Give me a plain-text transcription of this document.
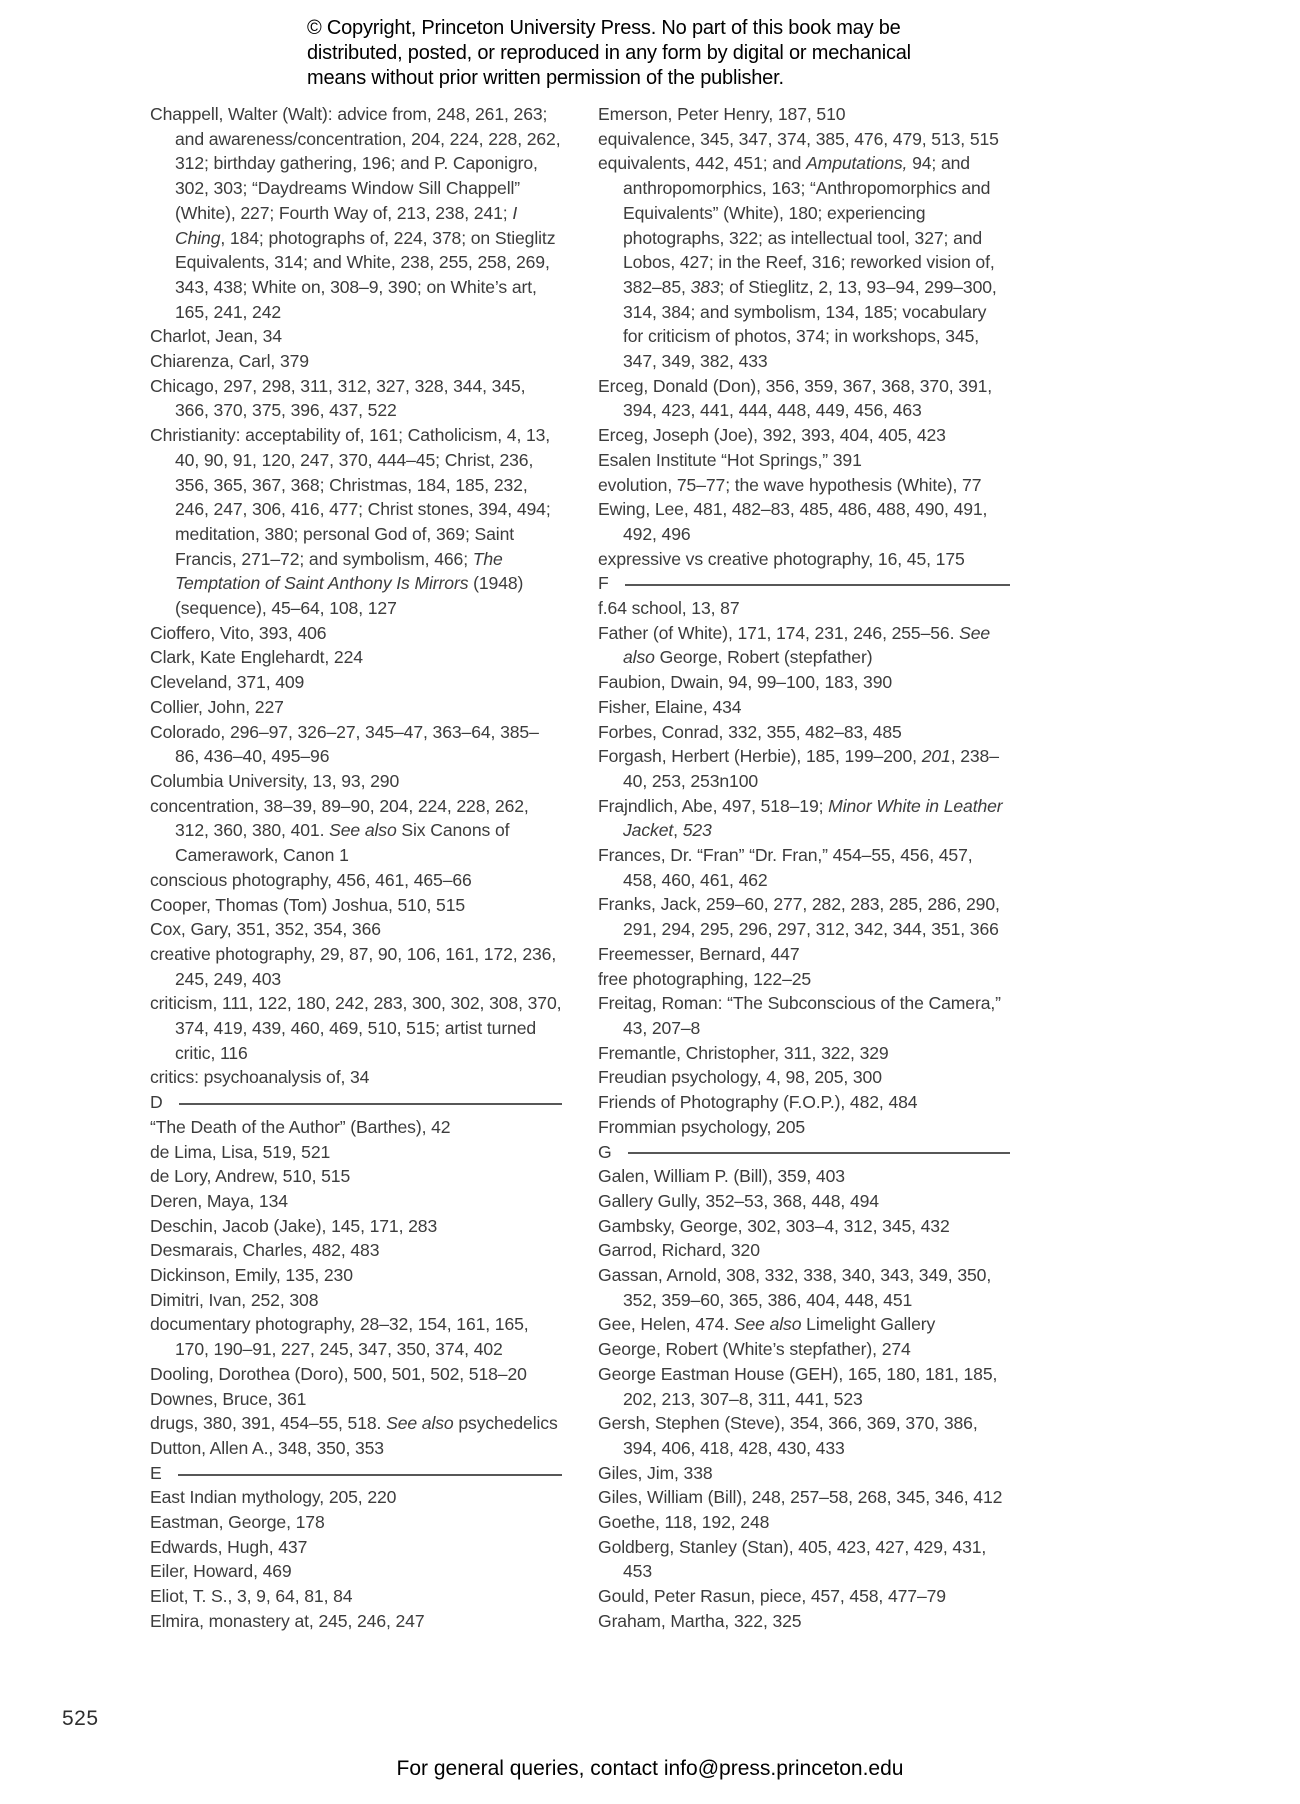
© Copyright, Princeton University Press. No part of this book may be
distributed, posted, or reproduced in any form by digital or mechanical
means without prior written permission of the publisher.
Chappell, Walter (Walt): advice from, 248, 261, 263; and awareness/concentration, 204, 224, 228, 262, 312; birthday gathering, 196; and P. Caponigro, 302, 303; “Daydreams Window Sill Chappell” (White), 227; Fourth Way of, 213, 238, 241; I Ching, 184; photographs of, 224, 378; on Stieglitz Equivalents, 314; and White, 238, 255, 258, 269, 343, 438; White on, 308–9, 390; on White’s art, 165, 241, 242
Charlot, Jean, 34
Chiarenza, Carl, 379
Chicago, 297, 298, 311, 312, 327, 328, 344, 345, 366, 370, 375, 396, 437, 522
Christianity: acceptability of, 161; Catholicism, 4, 13, 40, 90, 91, 120, 247, 370, 444–45; Christ, 236, 356, 365, 367, 368; Christmas, 184, 185, 232, 246, 247, 306, 416, 477; Christ stones, 394, 494; meditation, 380; personal God of, 369; Saint Francis, 271–72; and symbolism, 466; The Temptation of Saint Anthony Is Mirrors (1948) (sequence), 45–64, 108, 127
Cioffero, Vito, 393, 406
Clark, Kate Englehardt, 224
Cleveland, 371, 409
Collier, John, 227
Colorado, 296–97, 326–27, 345–47, 363–64, 385–86, 436–40, 495–96
Columbia University, 13, 93, 290
concentration, 38–39, 89–90, 204, 224, 228, 262, 312, 360, 380, 401. See also Six Canons of Camerawork, Canon 1
conscious photography, 456, 461, 465–66
Cooper, Thomas (Tom) Joshua, 510, 515
Cox, Gary, 351, 352, 354, 366
creative photography, 29, 87, 90, 106, 161, 172, 236, 245, 249, 403
criticism, 111, 122, 180, 242, 283, 300, 302, 308, 370, 374, 419, 439, 460, 469, 510, 515; artist turned critic, 116
critics: psychoanalysis of, 34
D
“The Death of the Author” (Barthes), 42
de Lima, Lisa, 519, 521
de Lory, Andrew, 510, 515
Deren, Maya, 134
Deschin, Jacob (Jake), 145, 171, 283
Desmarais, Charles, 482, 483
Dickinson, Emily, 135, 230
Dimitri, Ivan, 252, 308
documentary photography, 28–32, 154, 161, 165, 170, 190–91, 227, 245, 347, 350, 374, 402
Dooling, Dorothea (Doro), 500, 501, 502, 518–20
Downes, Bruce, 361
drugs, 380, 391, 454–55, 518. See also psychedelics
Dutton, Allen A., 348, 350, 353
E
East Indian mythology, 205, 220
Eastman, George, 178
Edwards, Hugh, 437
Eiler, Howard, 469
Eliot, T. S., 3, 9, 64, 81, 84
Elmira, monastery at, 245, 246, 247
Emerson, Peter Henry, 187, 510
equivalence, 345, 347, 374, 385, 476, 479, 513, 515
equivalents, 442, 451; and Amputations, 94; and anthropomorphics, 163; “Anthropomorphics and Equivalents” (White), 180; experiencing photographs, 322; as intellectual tool, 327; and Lobos, 427; in the Reef, 316; reworked vision of, 382–85, 383; of Stieglitz, 2, 13, 93–94, 299–300, 314, 384; and symbolism, 134, 185; vocabulary for criticism of photos, 374; in workshops, 345, 347, 349, 382, 433
Erceg, Donald (Don), 356, 359, 367, 368, 370, 391, 394, 423, 441, 444, 448, 449, 456, 463
Erceg, Joseph (Joe), 392, 393, 404, 405, 423
Esalen Institute “Hot Springs,” 391
evolution, 75–77; the wave hypothesis (White), 77
Ewing, Lee, 481, 482–83, 485, 486, 488, 490, 491, 492, 496
expressive vs creative photography, 16, 45, 175
F
f.64 school, 13, 87
Father (of White), 171, 174, 231, 246, 255–56. See also George, Robert (stepfather)
Faubion, Dwain, 94, 99–100, 183, 390
Fisher, Elaine, 434
Forbes, Conrad, 332, 355, 482–83, 485
Forgash, Herbert (Herbie), 185, 199–200, 201, 238–40, 253, 253n100
Frajndlich, Abe, 497, 518–19; Minor White in Leather Jacket, 523
Frances, Dr. “Fran” “Dr. Fran,” 454–55, 456, 457, 458, 460, 461, 462
Franks, Jack, 259–60, 277, 282, 283, 285, 286, 290, 291, 294, 295, 296, 297, 312, 342, 344, 351, 366
Freemesser, Bernard, 447
free photographing, 122–25
Freitag, Roman: “The Subconscious of the Camera,” 43, 207–8
Fremantle, Christopher, 311, 322, 329
Freudian psychology, 4, 98, 205, 300
Friends of Photography (F.O.P.), 482, 484
Frommian psychology, 205
G
Galen, William P. (Bill), 359, 403
Gallery Gully, 352–53, 368, 448, 494
Gambsky, George, 302, 303–4, 312, 345, 432
Garrod, Richard, 320
Gassan, Arnold, 308, 332, 338, 340, 343, 349, 350, 352, 359–60, 365, 386, 404, 448, 451
Gee, Helen, 474. See also Limelight Gallery
George, Robert (White’s stepfather), 274
George Eastman House (GEH), 165, 180, 181, 185, 202, 213, 307–8, 311, 441, 523
Gersh, Stephen (Steve), 354, 366, 369, 370, 386, 394, 406, 418, 428, 430, 433
Giles, Jim, 338
Giles, William (Bill), 248, 257–58, 268, 345, 346, 412
Goethe, 118, 192, 248
Goldberg, Stanley (Stan), 405, 423, 427, 429, 431, 453
Gould, Peter Rasun, piece, 457, 458, 477–79
Graham, Martha, 322, 325
525
For general queries, contact info@press.princeton.edu
